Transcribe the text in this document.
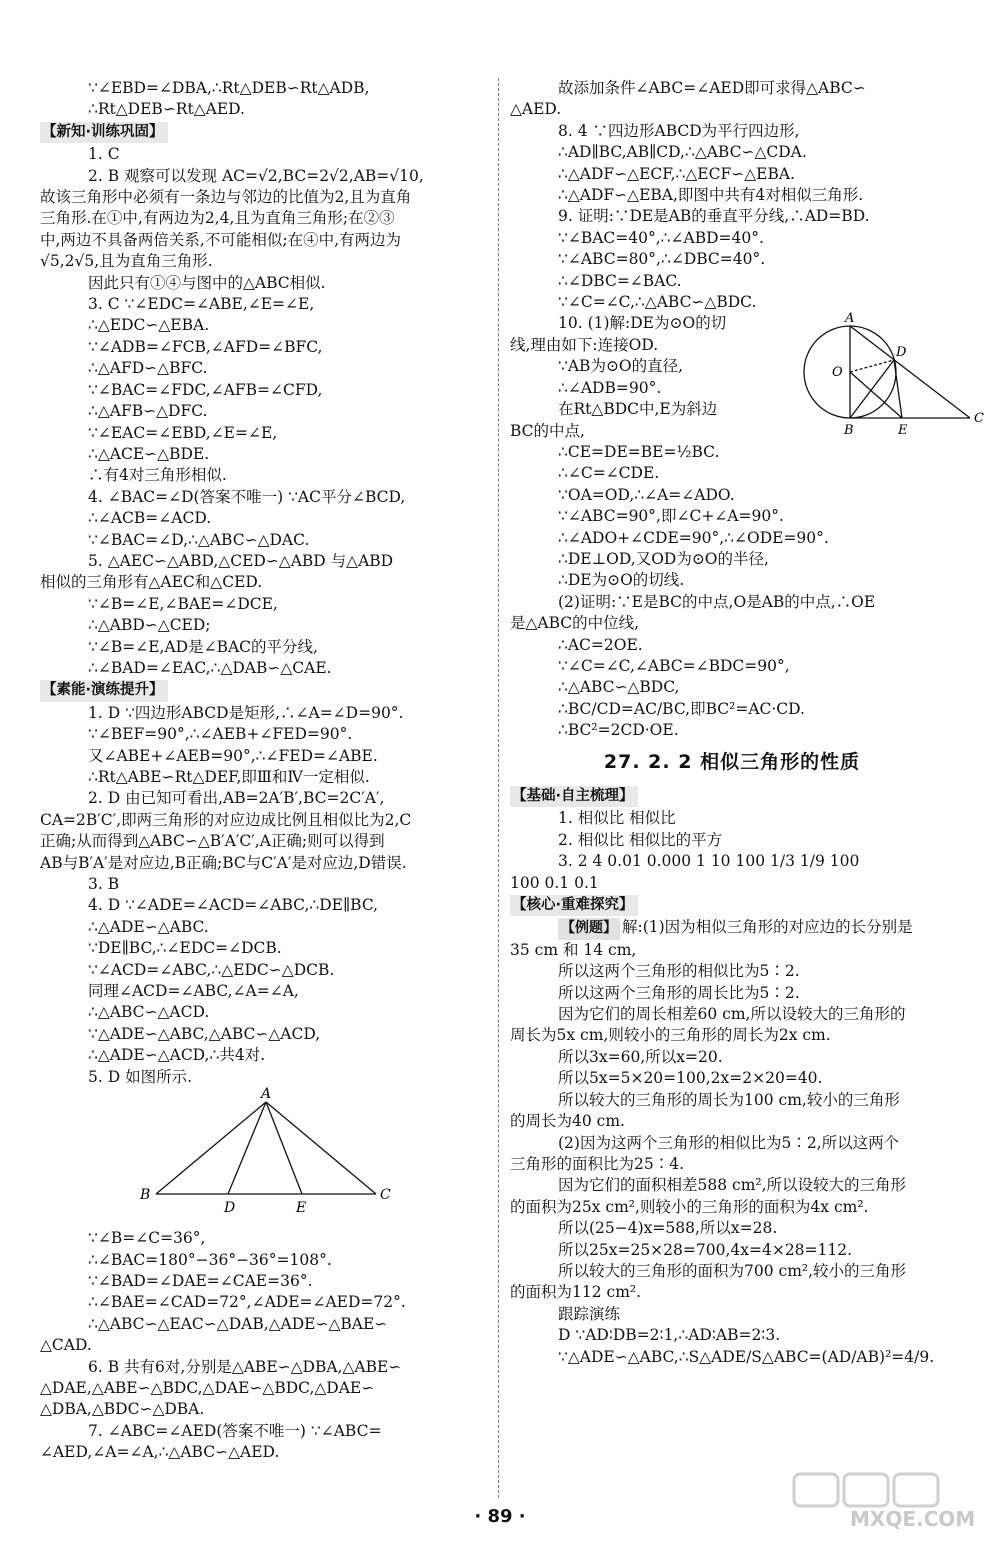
∵∠EBD=∠DBA,∴Rt△DEB∽Rt△ADB,
∴Rt△DEB∽Rt△AED.
【新知·训练巩固】
1. C
2. B 观察可以发现 AC=√2,BC=2√2,AB=√10,
故该三角形中必须有一条边与邻边的比值为2,且为直角
三角形.在①中,有两边为2,4,且为直角三角形;在②③
中,两边不具备两倍关系,不可能相似;在④中,有两边为
√5,2√5,且为直角三角形.
因此只有①④与图中的△ABC相似.
3. C ∵∠EDC=∠ABE,∠E=∠E,
∴△EDC∽△EBA.
∵∠ADB=∠FCB,∠AFD=∠BFC,
∴△AFD∽△BFC.
∵∠BAC=∠FDC,∠AFB=∠CFD,
∴△AFB∽△DFC.
∵∠EAC=∠EBD,∠E=∠E,
∴△ACE∽△BDE.
∴有4对三角形相似.
4. ∠BAC=∠D(答案不唯一) ∵AC平分∠BCD,
∴∠ACB=∠ACD.
∵∠BAC=∠D,∴△ABC∽△DAC.
5. △AEC∽△ABD,△CED∽△ABD 与△ABD
相似的三角形有△AEC和△CED.
∵∠B=∠E,∠BAE=∠DCE,
∴△ABD∽△CED;
∵∠B=∠E,AD是∠BAC的平分线,
∴∠BAD=∠EAC,∴△DAB∽△CAE.
【素能·演练提升】
1. D ∵四边形ABCD是矩形,∴∠A=∠D=90°.
∵∠BEF=90°,∴∠AEB+∠FED=90°.
又∠ABE+∠AEB=90°,∴∠FED=∠ABE.
∴Rt△ABE∽Rt△DEF,即Ⅲ和Ⅳ一定相似.
2. D 由已知可看出,AB=2A′B′,BC=2C′A′,
CA=2B′C′,即两三角形的对应边成比例且相似比为2,C
正确;从而得到△ABC∽△B′A′C′,A正确;则可以得到
AB与B′A′是对应边,B正确;BC与C′A′是对应边,D错误.
3. B
4. D ∵∠ADE=∠ACD=∠ABC,∴DE∥BC,
∴△ADE∽△ABC.
∵DE∥BC,∴∠EDC=∠DCB.
∵∠ACD=∠ABC,∴△EDC∽△DCB.
同理∠ACD=∠ABC,∠A=∠A,
∴△ABC∽△ACD.
∵△ADE∽△ABC,△ABC∽△ACD,
∴△ADE∽△ACD,∴共4对.
5. D 如图所示.
A
B
D	E
C
∵∠B=∠C=36°,
∴∠BAC=180°−36°−36°=108°.
∵∠BAD=∠DAE=∠CAE=36°.
∴∠BAE=∠CAD=72°,∠ADE=∠AED=72°.
∴△ABC∽△EAC∽△DAB,△ADE∽△BAE∽
△CAD.
6. B 共有6对,分别是△ABE∽△DBA,△ABE∽
△DAE,△ABE∽△BDC,△DAE∽△BDC,△DAE∽
△DBA,△BDC∽△DBA.
7. ∠ABC=∠AED(答案不唯一) ∵∠ABC=
∠AED,∠A=∠A,∴△ABC∽△AED.
故添加条件∠ABC=∠AED即可求得△ABC∽
△AED.
8. 4 ∵四边形ABCD为平行四边形,
∴AD∥BC,AB∥CD,∴△ABC∽△CDA.
∴△ADF∽△ECF,∴△ECF∽△EBA.
∴△ADF∽△EBA,即图中共有4对相似三角形.
9. 证明:∵DE是AB的垂直平分线,∴AD=BD.
∵∠BAC=40°,∴∠ABD=40°.
∵∠ABC=80°,∴∠DBC=40°.
∴∠DBC=∠BAC.
∵∠C=∠C,∴△ABC∽△BDC.
10. (1)解:DE为⊙O的切
线,理由如下:连接OD.
∵AB为⊙O的直径,
∴∠ADB=90°.
在Rt△BDC中,E为斜边
BC的中点,
∴CE=DE=BE=½BC.
∴∠C=∠CDE.
∵OA=OD,∴∠A=∠ADO.
∵∠ABC=90°,即∠C+∠A=90°.
∴∠ADO+∠CDE=90°,∴∠ODE=90°.
∴DE⊥OD,又OD为⊙O的半径,
∴DE为⊙O的切线.
(2)证明:∵E是BC的中点,O是AB的中点,∴OE
是△ABC的中位线,
∴AC=2OE.
∵∠C=∠C,∠ABC=∠BDC=90°,
∴△ABC∽△BDC,
∴BC/CD=AC/BC,即BC²=AC·CD.
∴BC²=2CD·OE.
27. 2. 2 相似三角形的性质
【基础·自主梳理】
1. 相似比 相似比
2. 相似比 相似比的平方
3. 2 4 0.01 0.000 1 10 100 1/3 1/9 100
100 0.1 0.1
【核心·重难探究】
【例题】 解:(1)因为相似三角形的对应边的长分别是
35 cm 和 14 cm,
所以这两个三角形的相似比为5∶2.
所以这两个三角形的周长比为5∶2.
因为它们的周长相差60 cm,所以设较大的三角形的
周长为5x cm,则较小的三角形的周长为2x cm.
所以3x=60,所以x=20.
所以5x=5×20=100,2x=2×20=40.
所以较大的三角形的周长为100 cm,较小的三角形
的周长为40 cm.
(2)因为这两个三角形的相似比为5∶2,所以这两个
三角形的面积比为25∶4.
因为它们的面积相差588 cm²,所以设较大的三角形
的面积为25x cm²,则较小的三角形的面积为4x cm².
所以(25−4)x=588,所以x=28.
所以25x=25×28=700,4x=4×28=112.
所以较大的三角形的面积为700 cm²,较小的三角形
的面积为112 cm².
跟踪演练
D ∵AD∶DB=2∶1,∴AD∶AB=2∶3.
∵△ADE∽△ABC,∴S△ADE/S△ABC=(AD/AB)²=4/9.
A
O
D
B	E
C
· 89 ·	MXQE.COM
